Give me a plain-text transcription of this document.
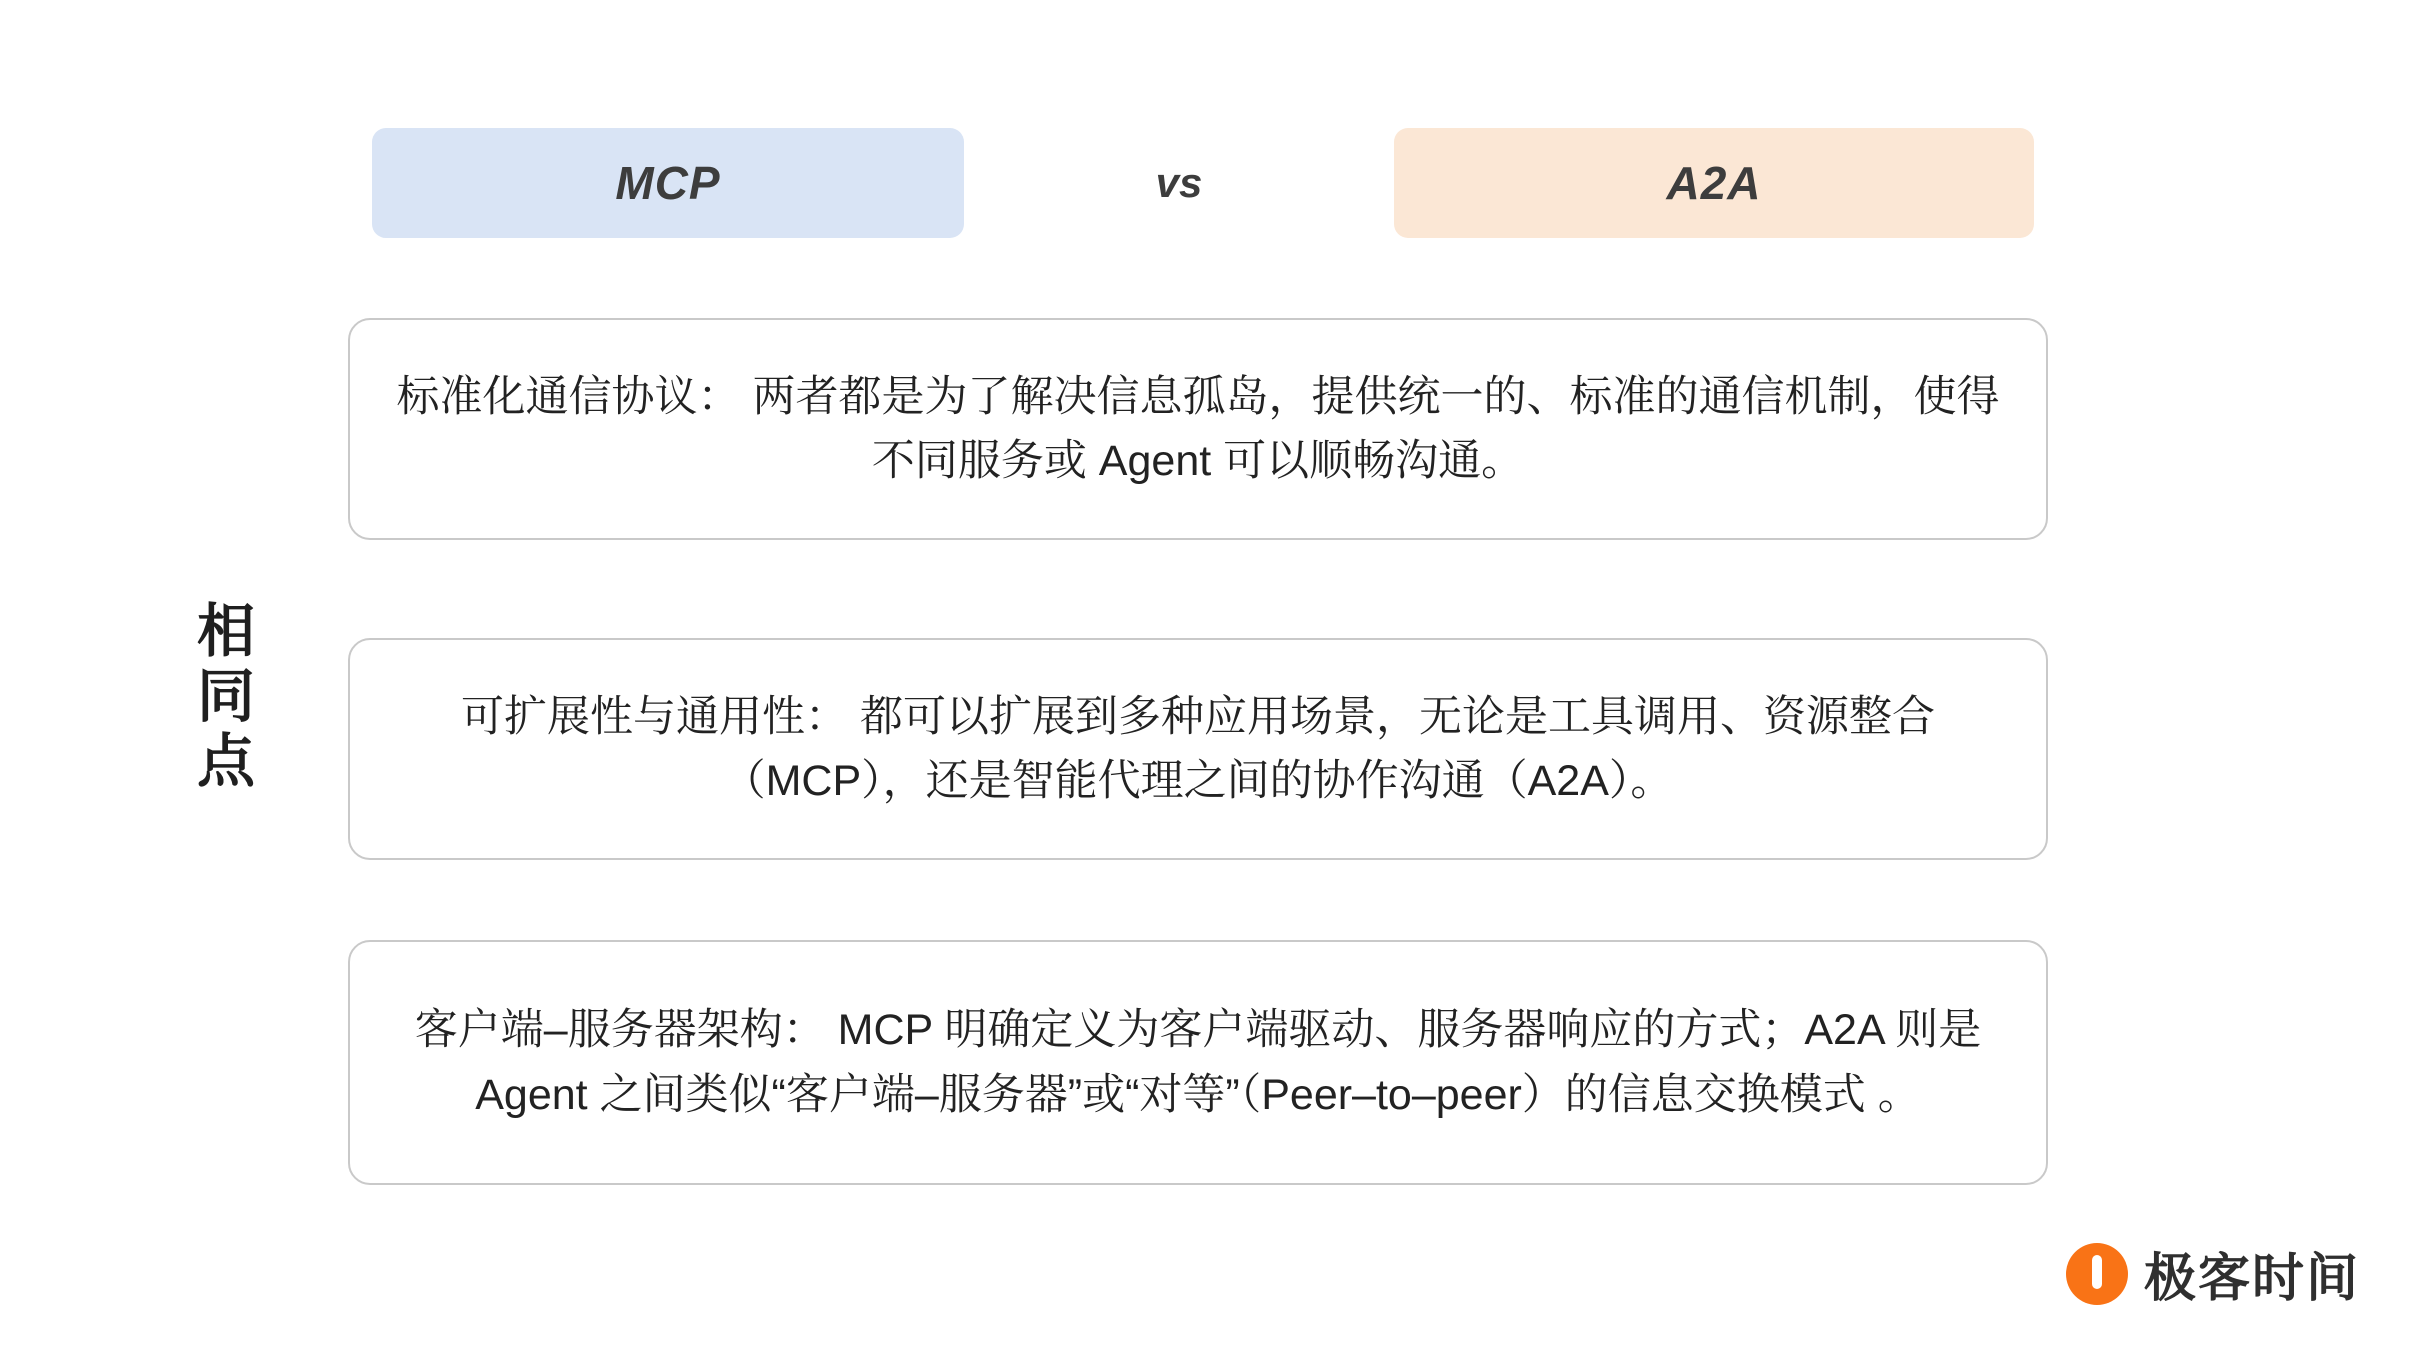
MCP	vs	A2A
相
同
点

标准化通信协议： 两者都是为了解决信息孤岛，提供统一的、标准的通信机制，使得不同服务或 Agent 可以顺畅沟通。

可扩展性与通用性： 都可以扩展到多种应用场景，无论是工具调用、资源整合（MCP），还是智能代理之间的协作沟通（A2A）。

客户端–服务器架构： MCP 明确定义为客户端驱动、服务器响应的方式；A2A 则是 Agent 之间类似“客户端–服务器”或“对等”（Peer–to–peer）的信息交换模式 。

极客时间
